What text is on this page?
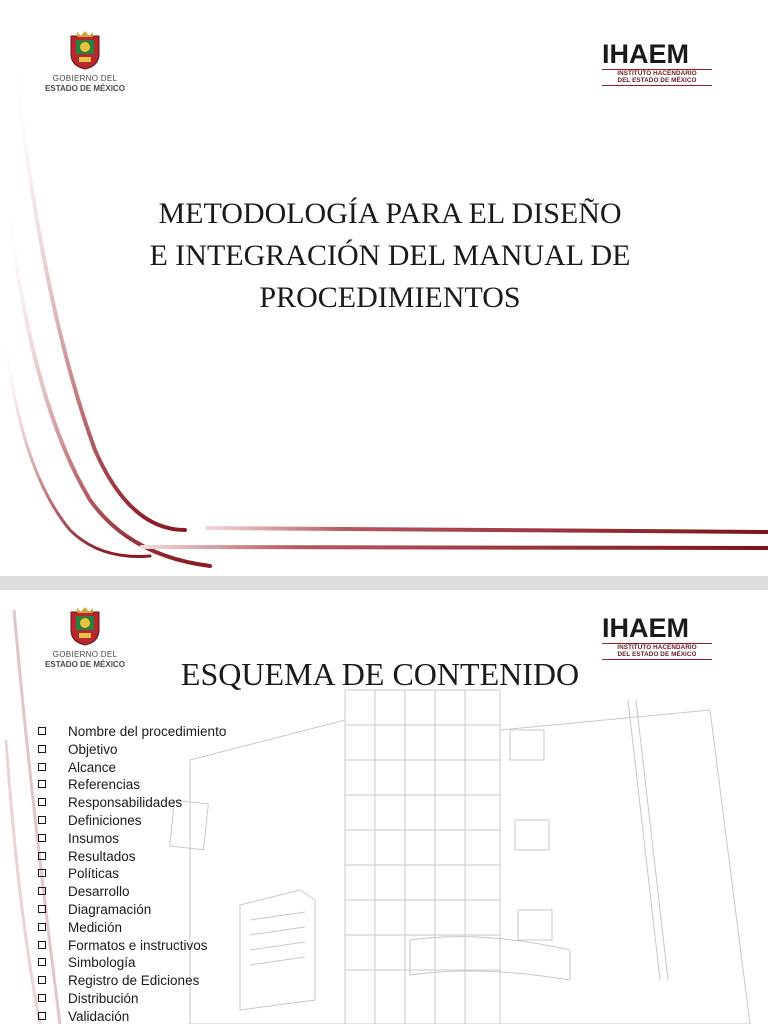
GOBIERNO DEL
ESTADO DE MÉXICO
IHAEM
INSTITUTO HACENDARIO
DEL ESTADO DE MÉXICO
METODOLOGÍA PARA EL DISEÑO
E INTEGRACIÓN DEL MANUAL DE
PROCEDIMIENTOS
GOBIERNO DEL
ESTADO DE MÉXICO
IHAEM
INSTITUTO HACENDARIO
DEL ESTADO DE MÉXICO
ESQUEMA DE CONTENIDO
Nombre del procedimiento
Objetivo
Alcance
Referencias
Responsabilidades
Definiciones
Insumos
Resultados
Políticas
Desarrollo
Diagramación
Medición
Formatos e instructivos
Simbología
Registro de Ediciones
Distribución
Validación
